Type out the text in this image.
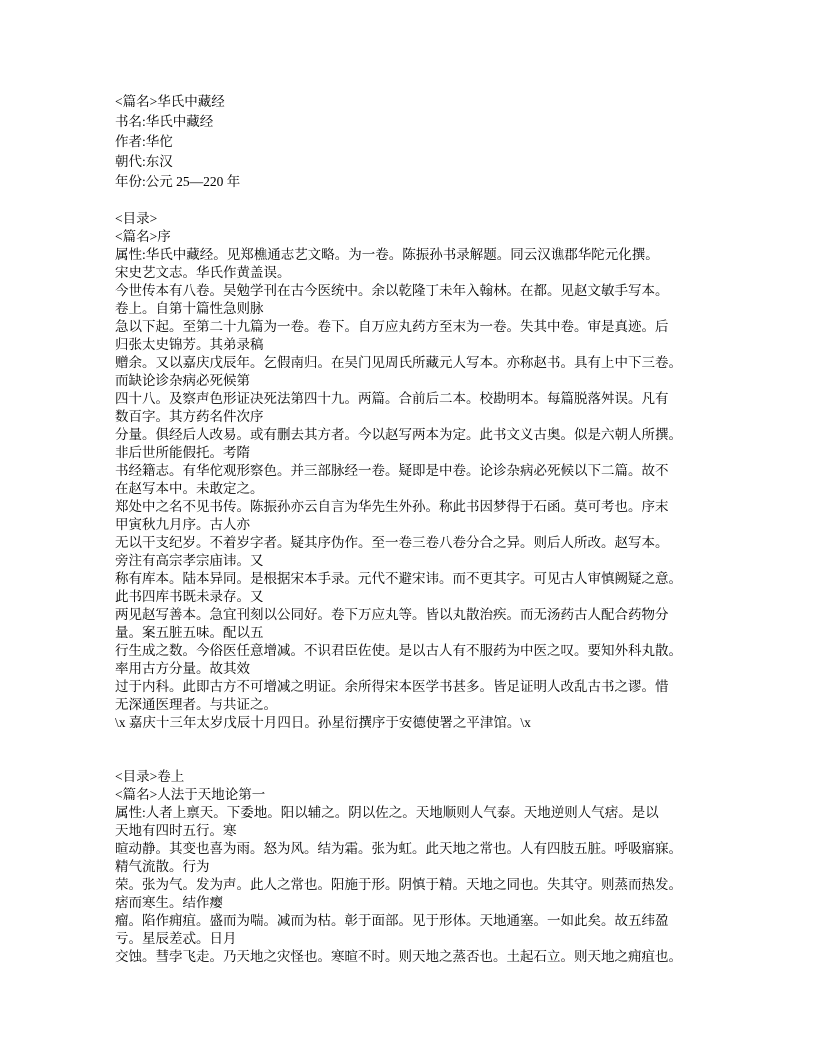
<篇名>华氏中藏经
书名:华氏中藏经
作者:华佗
朝代:东汉
年份:公元 25—220 年
<目录>
<篇名>序
属性:华氏中藏经。见郑樵通志艺文略。为一卷。陈振孙书录解题。同云汉谯郡华陀元化撰。
宋史艺文志。华氏作黄盖误。
今世传本有八卷。吴勉学刊在古今医统中。余以乾隆丁未年入翰林。在都。见赵文敏手写本。
卷上。自第十篇性急则脉
急以下起。至第二十九篇为一卷。卷下。自万应丸药方至末为一卷。失其中卷。审是真迹。后
归张太史锦芳。其弟录稿
赠余。又以嘉庆戊辰年。乞假南归。在吴门见周氏所藏元人写本。亦称赵书。具有上中下三卷。
而缺论诊杂病必死候第
四十八。及察声色形证决死法第四十九。两篇。合前后二本。校勘明本。每篇脱落舛误。凡有
数百字。其方药名件次序
分量。俱经后人改易。或有删去其方者。今以赵写两本为定。此书文义古奥。似是六朝人所撰。
非后世所能假托。考隋
书经籍志。有华佗观形察色。并三部脉经一卷。疑即是中卷。论诊杂病必死候以下二篇。故不
在赵写本中。未敢定之。
郑处中之名不见书传。陈振孙亦云自言为华先生外孙。称此书因梦得于石函。莫可考也。序末
甲寅秋九月序。古人亦
无以干支纪岁。不着岁字者。疑其序伪作。至一卷三卷八卷分合之异。则后人所改。赵写本。
旁注有高宗孝宗庙讳。又
称有库本。陆本异同。是根据宋本手录。元代不避宋讳。而不更其字。可见古人审慎阙疑之意。
此书四库书既未录存。又
两见赵写善本。急宜刊刻以公同好。卷下万应丸等。皆以丸散治疾。而无汤药古人配合药物分
量。案五脏五味。配以五
行生成之数。今俗医任意增减。不识君臣佐使。是以古人有不服药为中医之叹。要知外科丸散。
率用古方分量。故其效
过于内科。此即古方不可增减之明证。余所得宋本医学书甚多。皆足证明人改乱古书之谬。惜
无深通医理者。与共证之。
\x 嘉庆十三年太岁戊辰十月四日。孙星衍撰序于安德使署之平津馆。\x
<目录>卷上
<篇名>人法于天地论第一
属性:人者上禀天。下委地。阳以辅之。阴以佐之。天地顺则人气泰。天地逆则人气痞。是以
天地有四时五行。寒
暄动静。其变也喜为雨。怒为风。结为霜。张为虹。此天地之常也。人有四肢五脏。呼吸寤寐。
精气流散。行为
荣。张为气。发为声。此人之常也。阳施于形。阴慎于精。天地之同也。失其守。则蒸而热发。
痞而寒生。结作瘿
瘤。陷作痈疽。盛而为喘。减而为枯。彰于面部。见于形体。天地通塞。一如此矣。故五纬盈
亏。星辰差忒。日月
交蚀。彗孛飞走。乃天地之灾怪也。寒暄不时。则天地之蒸否也。土起石立。则天地之痈疽也。
